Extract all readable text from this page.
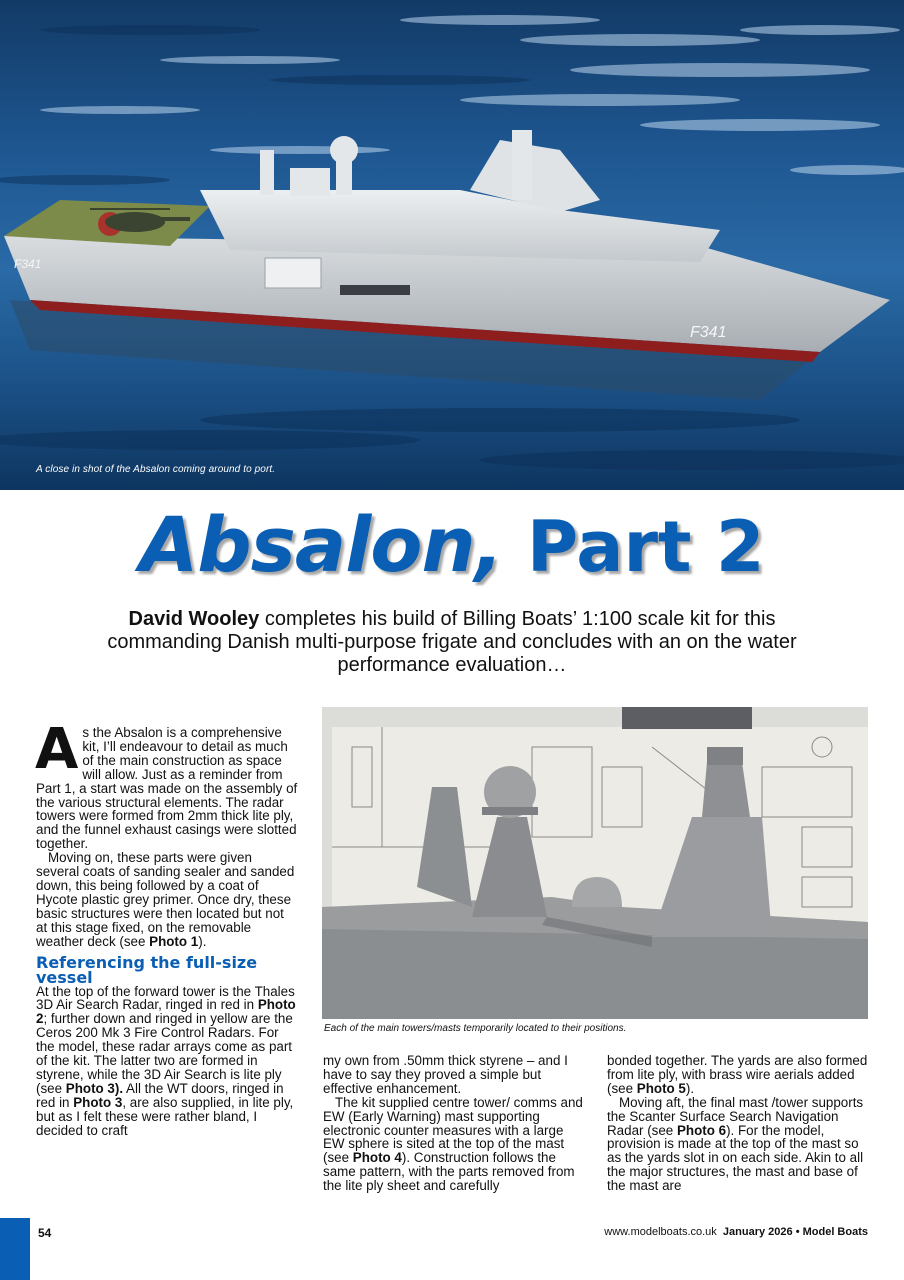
F341
F341
A close in shot of the Absalon coming around to port.
Absalon, Part 2
David Wooley completes his build of Billing Boats’ 1:100 scale kit for this commanding Danish multi-purpose frigate and concludes with an on the water performance evaluation…

As the Absalon is a comprehensive kit, I’ll endeavour to detail as much of the main construction as space will allow. Just as a reminder from Part 1, a start was made on the assembly of the various structural elements. The radar towers were formed from 2mm thick lite ply, and the funnel exhaust casings were slotted together.

Moving on, these parts were given several coats of sanding sealer and sanded down, this being followed by a coat of Hycote plastic grey primer. Once dry, these basic structures were then located but not at this stage fixed, on the removable weather deck (see Photo 1).

Referencing the full-size vessel

At the top of the forward tower is the Thales 3D Air Search Radar, ringed in red in Photo 2; further down and ringed in yellow are the Ceros 200 Mk 3 Fire Control Radars. For the model, these radar arrays come as part of the kit. The latter two are formed in styrene, while the 3D Air Search is lite ply (see Photo 3). All the WT doors, ringed in red in Photo 3, are also supplied, in lite ply, but as I felt these were rather bland, I decided to craft

Each of the main towers/masts temporarily located to their positions.

my own from .50mm thick styrene – and I have to say they proved a simple but effective enhancement.

The kit supplied centre tower/ comms and EW (Early Warning) mast supporting electronic counter measures with a large EW sphere is sited at the top of the mast (see Photo 4). Construction follows the same pattern, with the parts removed from the lite ply sheet and carefully

bonded together. The yards are also formed from lite ply, with brass wire aerials added (see Photo 5).

Moving aft, the final mast /tower supports the Scanter Surface Search Navigation Radar (see Photo 6). For the model, provision is made at the top of the mast so as the yards slot in on each side. Akin to all the major structures, the mast and base of the mast are

54	www.modelboats.co.uk January 2026 • Model Boats
